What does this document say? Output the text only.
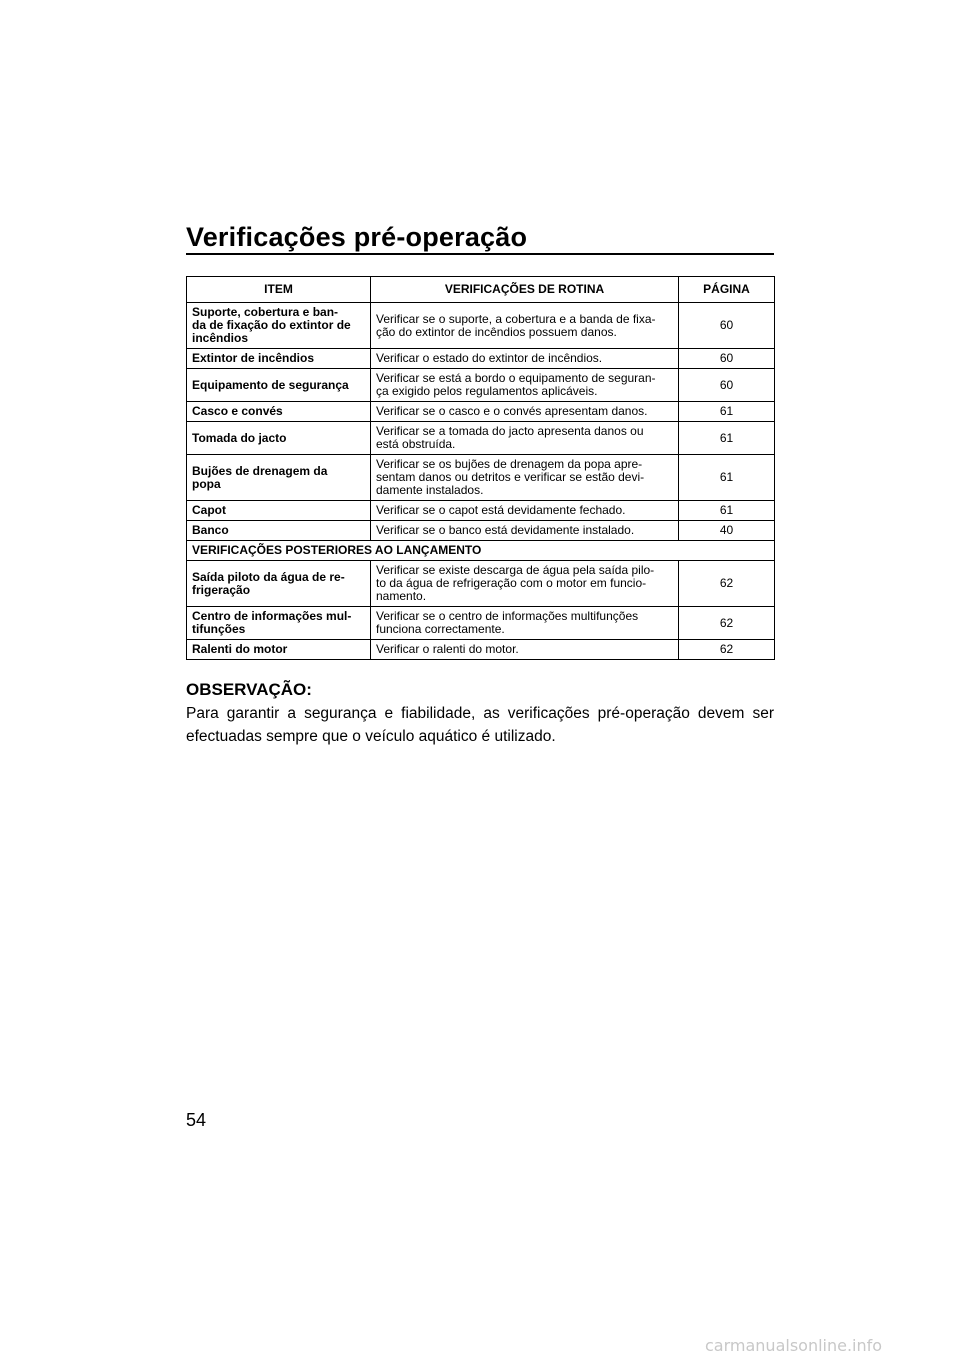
Verificações pré-operação
ITEM	VERIFICAÇÕES DE ROTINA	PÁGINA
Suporte, cobertura e ban-
da de fixação do extintor de
incêndios	Verificar se o suporte, a cobertura e a banda de fixa-
ção do extintor de incêndios possuem danos.	60
Extintor de incêndios	Verificar o estado do extintor de incêndios.	60
Equipamento de segurança	Verificar se está a bordo o equipamento de seguran-
ça exigido pelos regulamentos aplicáveis.	60
Casco e convés	Verificar se o casco e o convés apresentam danos.	61
Tomada do jacto	Verificar se a tomada do jacto apresenta danos ou
está obstruída.	61
Bujões de drenagem da
popa	Verificar se os bujões de drenagem da popa apre-
sentam danos ou detritos e verificar se estão devi-
damente instalados.	61
Capot	Verificar se o capot está devidamente fechado.	61
Banco	Verificar se o banco está devidamente instalado.	40
VERIFICAÇÕES POSTERIORES AO LANÇAMENTO		
Saída piloto da água de re-
frigeração	Verificar se existe descarga de água pela saída pilo-
to da água de refrigeração com o motor em funcio-
namento.	62
Centro de informações mul-
tifunções	Verificar se o centro de informações multifunções
funciona correctamente.	62
Ralenti do motor	Verificar o ralenti do motor.	62
OBSERVAÇÃO:
Para garantir a segurança e fiabilidade, as verificações pré-operação devem ser efectuadas sempre que o veículo aquático é utilizado.
54
carmanualsonline.info
